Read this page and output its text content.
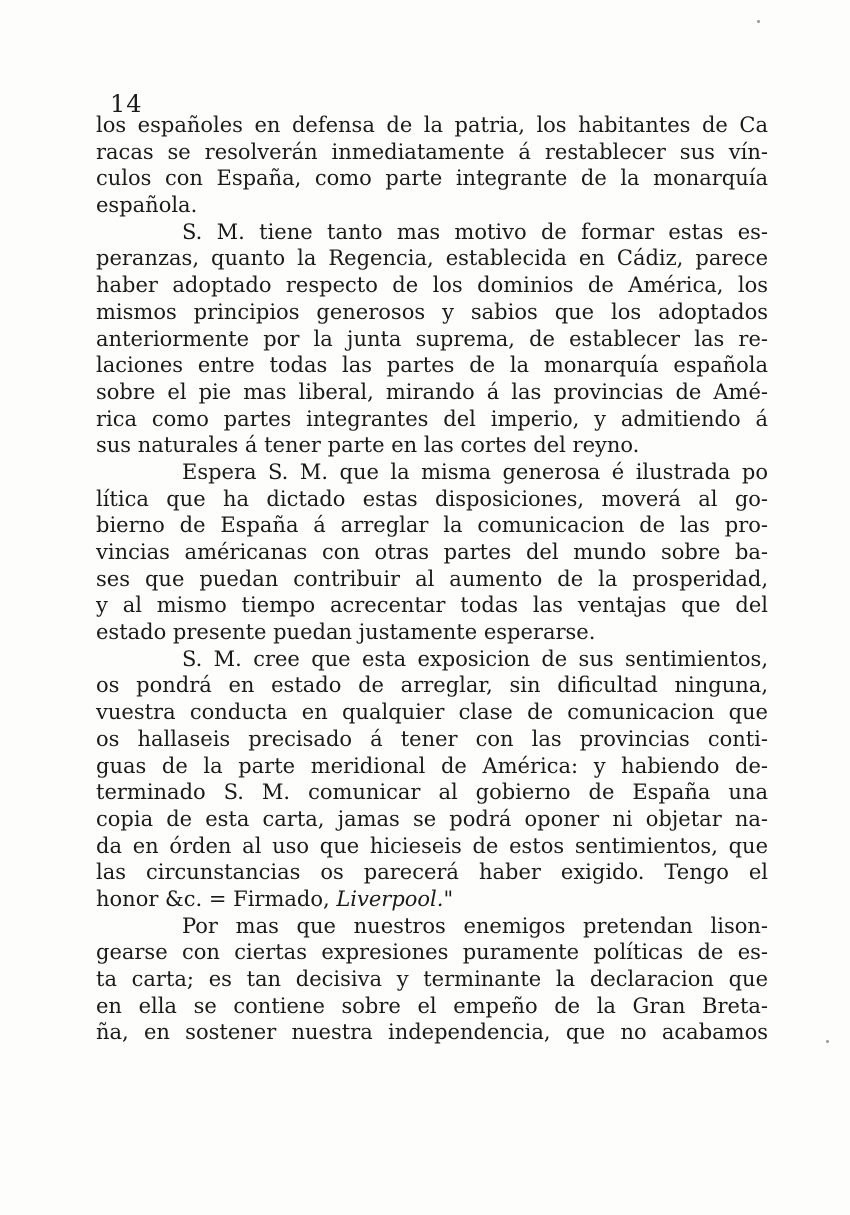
14
los españoles en defensa de la patria, los habitantes de Ca
racas se resolverán inmediatamente á restablecer sus vín-
culos con España, como parte integrante de la monarquía
española.
S. M. tiene tanto mas motivo de formar estas es-
peranzas, quanto la Regencia, establecida en Cádiz, parece
haber adoptado respecto de los dominios de América, los
mismos principios generosos y sabios que los adoptados
anteriormente por la junta suprema, de establecer las re-
laciones entre todas las partes de la monarquía española
sobre el pie mas liberal, mirando á las provincias de Amé-
rica como partes integrantes del imperio, y admitiendo á
sus naturales á tener parte en las cortes del reyno.
Espera S. M. que la misma generosa é ilustrada po
lítica que ha dictado estas disposiciones, moverá al go-
bierno de España á arreglar la comunicacion de las pro-
vincias américanas con otras partes del mundo sobre ba-
ses que puedan contribuir al aumento de la prosperidad,
y al mismo tiempo acrecentar todas las ventajas que del
estado presente puedan justamente esperarse.
S. M. cree que esta exposicion de sus sentimientos,
os pondrá en estado de arreglar, sin dificultad ninguna,
vuestra conducta en qualquier clase de comunicacion que
os hallaseis precisado á tener con las provincias conti-
guas de la parte meridional de América: y habiendo de-
terminado S. M. comunicar al gobierno de España una
copia de esta carta, jamas se podrá oponer ni objetar na-
da en órden al uso que hicieseis de estos sentimientos, que
las circunstancias os parecerá haber exigido. Tengo el
honor &c. = Firmado, Liverpool."
Por mas que nuestros enemigos pretendan lison-
gearse con ciertas expresiones puramente políticas de es-
ta carta; es tan decisiva y terminante la declaracion que
en ella se contiene sobre el empeño de la Gran Breta-
ña, en sostener nuestra independencia, que no acabamos
